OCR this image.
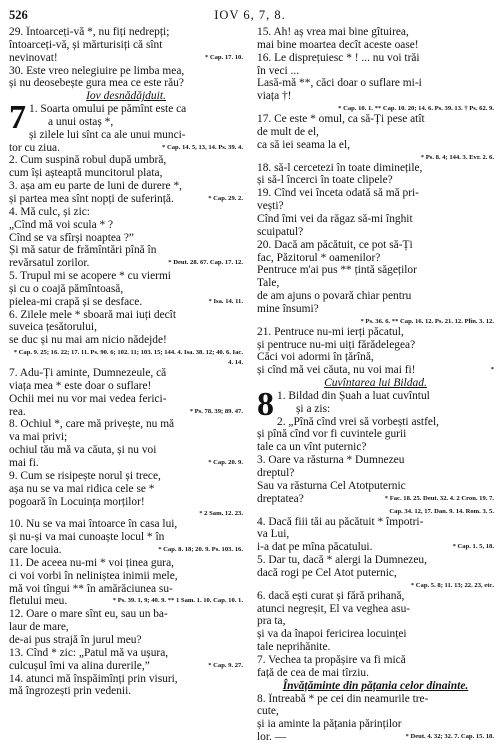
526	IOV 6, 7, 8.
29. Întoarceți-vă *, nu fiți nedrepți;
întoarceți-vă, și mărturisiți că sînt
nevinovat!	* Cap. 17. 10.
30. Este vreo nelegiuire pe limba mea,
și nu deosebește gura mea ce este rău?
Iov desnădăjduit.
7 1. Soarta omului pe pămînt este ca
a unui ostaș *,
și zilele lui sînt ca ale unui munci-
tor cu ziua.	* Cap. 14. 5, 13, 14. Ps. 39. 4.
2. Cum suspină robul după umbră,
cum își așteaptă muncitorul plata,
3. așa am eu parte de luni de durere *,
și partea mea sînt nopți de suferință.	* Cap. 29. 2.
4. Mă culc, și zic:
„Cînd mă voi scula * ?
Cînd se va sfîrși noaptea ?”
Și mă satur de frămîntări pînă în
revărsatul zorilor.	* Deut. 28. 67. Cap. 17. 12.
5. Trupul mi se acopere * cu viermi
și cu o coajă pămîntoasă,
pielea-mi crapă și se desface.	* Isa. 14. 11.
6. Zilele mele * sboară mai iuți decît
suveica țesătorului,
se duc și nu mai am nicio nădejde!
* Cap. 9. 25; 16. 22; 17. 11. Ps. 90. 6; 102. 11; 103. 15; 144. 4. Isa. 38. 12; 40. 6. Iac. 4. 14.
7. Adu-Ți aminte, Dumnezeule, că
viața mea * este doar o suflare!
Ochii mei nu vor mai vedea ferici-
rea.	* Ps. 78. 39; 89. 47.
8. Ochiul *, care mă privește, nu mă
va mai privi;
ochiul tău mă va căuta, și nu voi
mai fi.	* Cap. 20. 9.
9. Cum se risipește norul și trece,
așa nu se va mai ridica cele se *
pogoară în Locuința morților!
* 2 Sam. 12. 23.
10. Nu se va mai întoarce în casa lui,
și nu-și va mai cunoaște locul * în
care locuia.	* Cap. 8. 18; 20. 9. Ps. 103. 16.
11. De aceea nu-mi * voi ținea gura,
ci voi vorbi în neliniștea inimii mele,
mă voi tîngui ** în amărăciunea su-
fletului meu.	* Ps. 39. 1, 9; 40. 9. ** 1 Sam. 1. 10. Cap. 10. 1.
12. Oare o mare sînt eu, sau un ba-
laur de mare,
de-ai pus strajă în jurul meu?
13. Cînd * zic: „Patul mă va ușura,
culcușul îmi va alina durerile,”	* Cap. 9. 27.
14. atunci mă înspăimînți prin visuri,
mă îngrozești prin vedenii.
15. Ah! aș vrea mai bine gîtuirea,
mai bine moartea decît aceste oase!
16. Le disprețuiesc * ! ... nu voi trăi
în veci ...
Lasă-mă **, căci doar o suflare mi-i
viața †!
* Cap. 10. 1. ** Cap. 10. 20; 14. 6. Ps. 39. 13. † Ps. 62. 9.
17. Ce este * omul, ca să-Ți pese atît
de mult de el,
ca să iei seama la el,
* Ps. 8. 4; 144. 3. Evr. 2. 6.
18. să-l cercetezi în toate diminețile,
și să-l încerci în toate clipele?
19. Cînd vei înceta odată să mă pri-
vești?
Cînd îmi vei da răgaz să-mi înghit
scuipatul?
20. Dacă am păcătuit, ce pot să-Ți
fac, Păzitorul * oamenilor?
Pentruce m'ai pus ** țintă săgeților
Tale,
de am ajuns o povară chiar pentru
mine însumi?
* Ps. 36. 6. ** Cap. 16. 12. Ps. 21. 12. Plîn. 3. 12.
21. Pentruce nu-mi ierți păcatul,
și pentruce nu-mi uiți fărădelegea?
Căci voi adormi în țărînă,
și cînd mă vei căuta, nu voi mai fi!	*
Cuvîntarea lui Bildad.
8 1. Bildad din Șuah a luat cuvîntul
și a zis:
2. „Pînă cînd vrei să vorbești astfel,
și pînă cînd vor fi cuvintele gurii
tale ca un vînt puternic?
3. Oare va răsturna * Dumnezeu
dreptul?
Sau va răsturna Cel Atotputernic
dreptatea?	* Fac. 18. 25. Deut. 32. 4. 2 Cron. 19. 7.
Cap. 34. 12, 17. Dan. 9. 14. Rom. 3. 5.
4. Dacă fiii tăi au păcătuit * împotri-
va Lui,
i-a dat pe mîna păcatului.	* Cap. 1. 5, 18.
5. Dar tu, dacă * alergi la Dumnezeu,
dacă rogi pe Cel Atot puternic,
* Cap. 5. 8; 11. 13; 22. 23, etc.
6. dacă ești curat și fără prihană,
atunci negreșit, El va veghea asu-
pra ta,
și va da înapoi fericirea locuinței
tale neprihănite.
7. Vechea ta propășire va fi mică
față de cea de mai tîrziu.
Învățăminte din pățania celor dinainte.
8. Întreabă * pe cei din neamurile tre-
cute,
și ia aminte la pățania părinților
lor. —	* Deut. 4. 32; 32. 7. Cap. 15. 18.
